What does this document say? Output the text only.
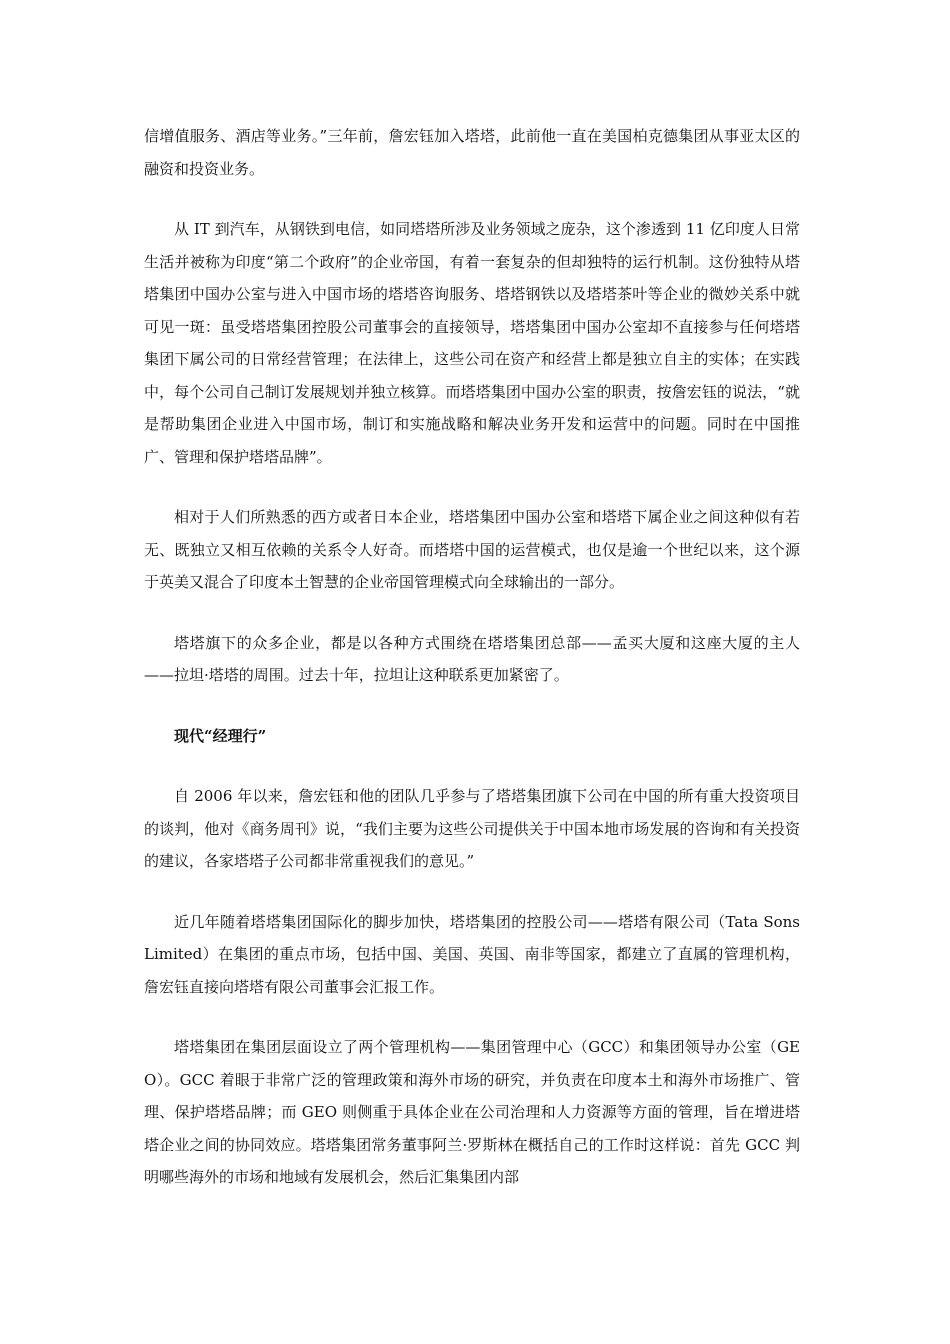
信增值服务、酒店等业务。”三年前，詹宏钰加入塔塔，此前他一直在美国柏克德集团从事亚太区的融资和投资业务。

从 IT 到汽车，从钢铁到电信，如同塔塔所涉及业务领域之庞杂，这个渗透到 11 亿印度人日常生活并被称为印度“第二个政府”的企业帝国，有着一套复杂的但却独特的运行机制。这份独特从塔塔集团中国办公室与进入中国市场的塔塔咨询服务、塔塔钢铁以及塔塔茶叶等企业的微妙关系中就可见一斑：虽受塔塔集团控股公司董事会的直接领导，塔塔集团中国办公室却不直接参与任何塔塔集团下属公司的日常经营管理；在法律上，这些公司在资产和经营上都是独立自主的实体；在实践中，每个公司自己制订发展规划并独立核算。而塔塔集团中国办公室的职责，按詹宏钰的说法，“就是帮助集团企业进入中国市场，制订和实施战略和解决业务开发和运营中的问题。同时在中国推广、管理和保护塔塔品牌”。

相对于人们所熟悉的西方或者日本企业，塔塔集团中国办公室和塔塔下属企业之间这种似有若无、既独立又相互依赖的关系令人好奇。而塔塔中国的运营模式，也仅是逾一个世纪以来，这个源于英美又混合了印度本土智慧的企业帝国管理模式向全球输出的一部分。

塔塔旗下的众多企业，都是以各种方式围绕在塔塔集团总部——孟买大厦和这座大厦的主人——拉坦·塔塔的周围。过去十年，拉坦让这种联系更加紧密了。

现代“经理行”

自 2006 年以来，詹宏钰和他的团队几乎参与了塔塔集团旗下公司在中国的所有重大投资项目的谈判，他对《商务周刊》说，“我们主要为这些公司提供关于中国本地市场发展的咨询和有关投资的建议，各家塔塔子公司都非常重视我们的意见。”

近几年随着塔塔集团国际化的脚步加快，塔塔集团的控股公司——塔塔有限公司（Tata Sons Limited）在集团的重点市场，包括中国、美国、英国、南非等国家，都建立了直属的管理机构，詹宏钰直接向塔塔有限公司董事会汇报工作。

塔塔集团在集团层面设立了两个管理机构——集团管理中心（GCC）和集团领导办公室（GEO）。GCC 着眼于非常广泛的管理政策和海外市场的研究，并负责在印度本土和海外市场推广、管理、保护塔塔品牌；而 GEO 则侧重于具体企业在公司治理和人力资源等方面的管理，旨在增进塔塔企业之间的协同效应。塔塔集团常务董事阿兰·罗斯林在概括自己的工作时这样说：首先 GCC 判明哪些海外的市场和地域有发展机会，然后汇集集团内部
